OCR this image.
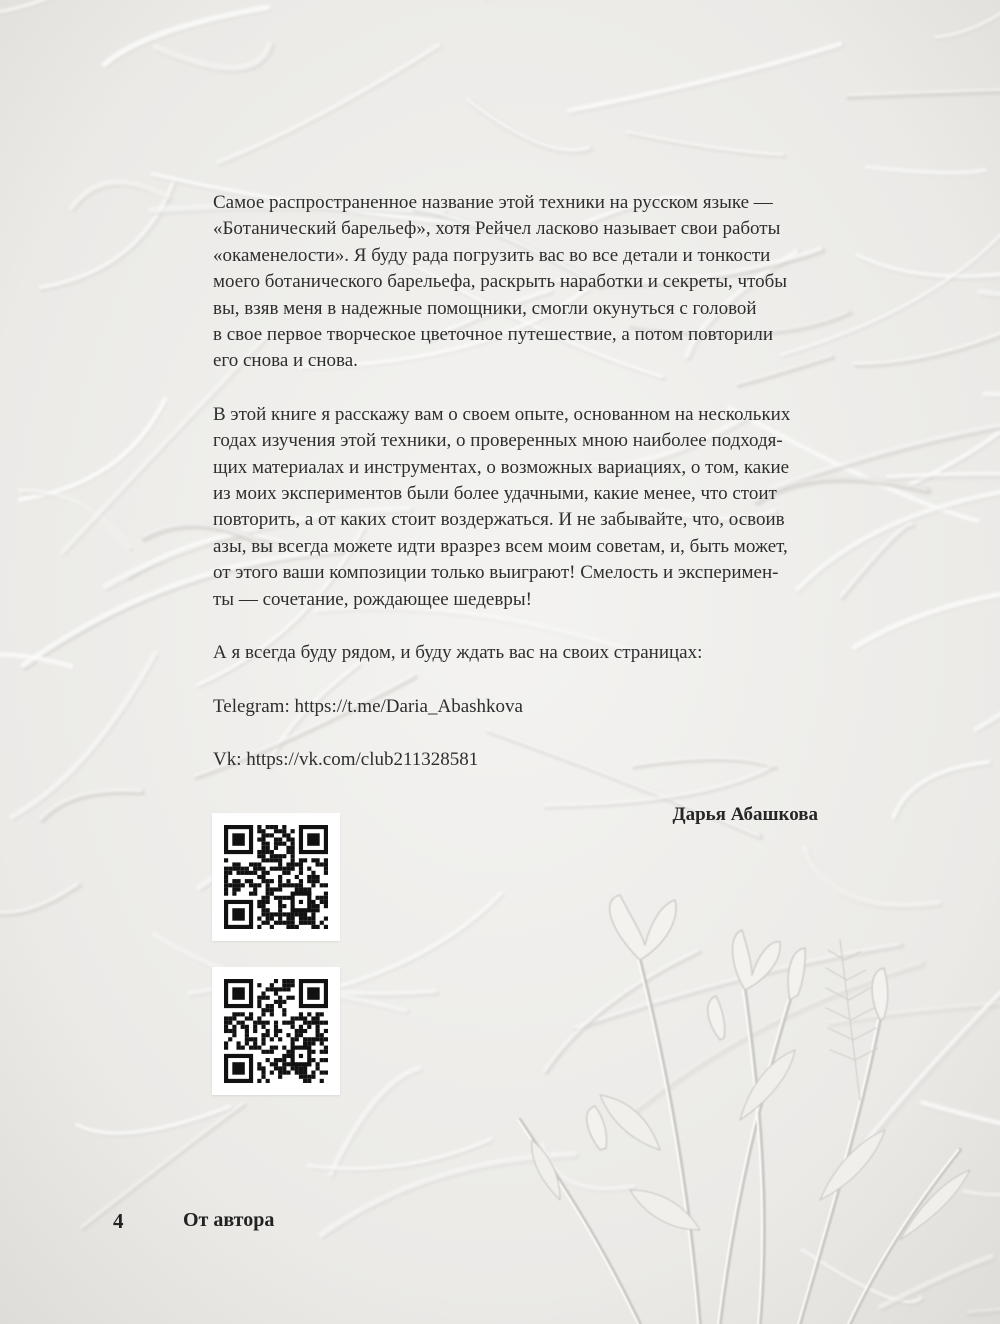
Самое распространенное название этой техники на русском языке —
«Ботанический барельеф», хотя Рейчел ласково называет свои работы
«окаменелости». Я буду рада погрузить вас во все детали и тонкости
моего ботанического барельефа, раскрыть наработки и секреты, чтобы
вы, взяв меня в надежные помощники, смогли окунуться с головой
в свое первое творческое цветочное путешествие, а потом повторили
его снова и снова.

В этой книге я расскажу вам о своем опыте, основанном на нескольких
годах изучения этой техники, о проверенных мною наиболее подходя-
щих материалах и инструментах, о возможных вариациях, о том, какие
из моих экспериментов были более удачными, какие менее, что стоит
повторить, а от каких стоит воздержаться. И не забывайте, что, освоив
азы, вы всегда можете идти вразрез всем моим советам, и, быть может,
от этого ваши композиции только выиграют! Смелость и эксперимен-
ты — сочетание, рождающее шедевры!

А я всегда буду рядом, и буду ждать вас на своих страницах:

Telegram: https://t.me/Daria_Abashkova

Vk: https://vk.com/club211328581

Дарья Абашкова
4	От автора
